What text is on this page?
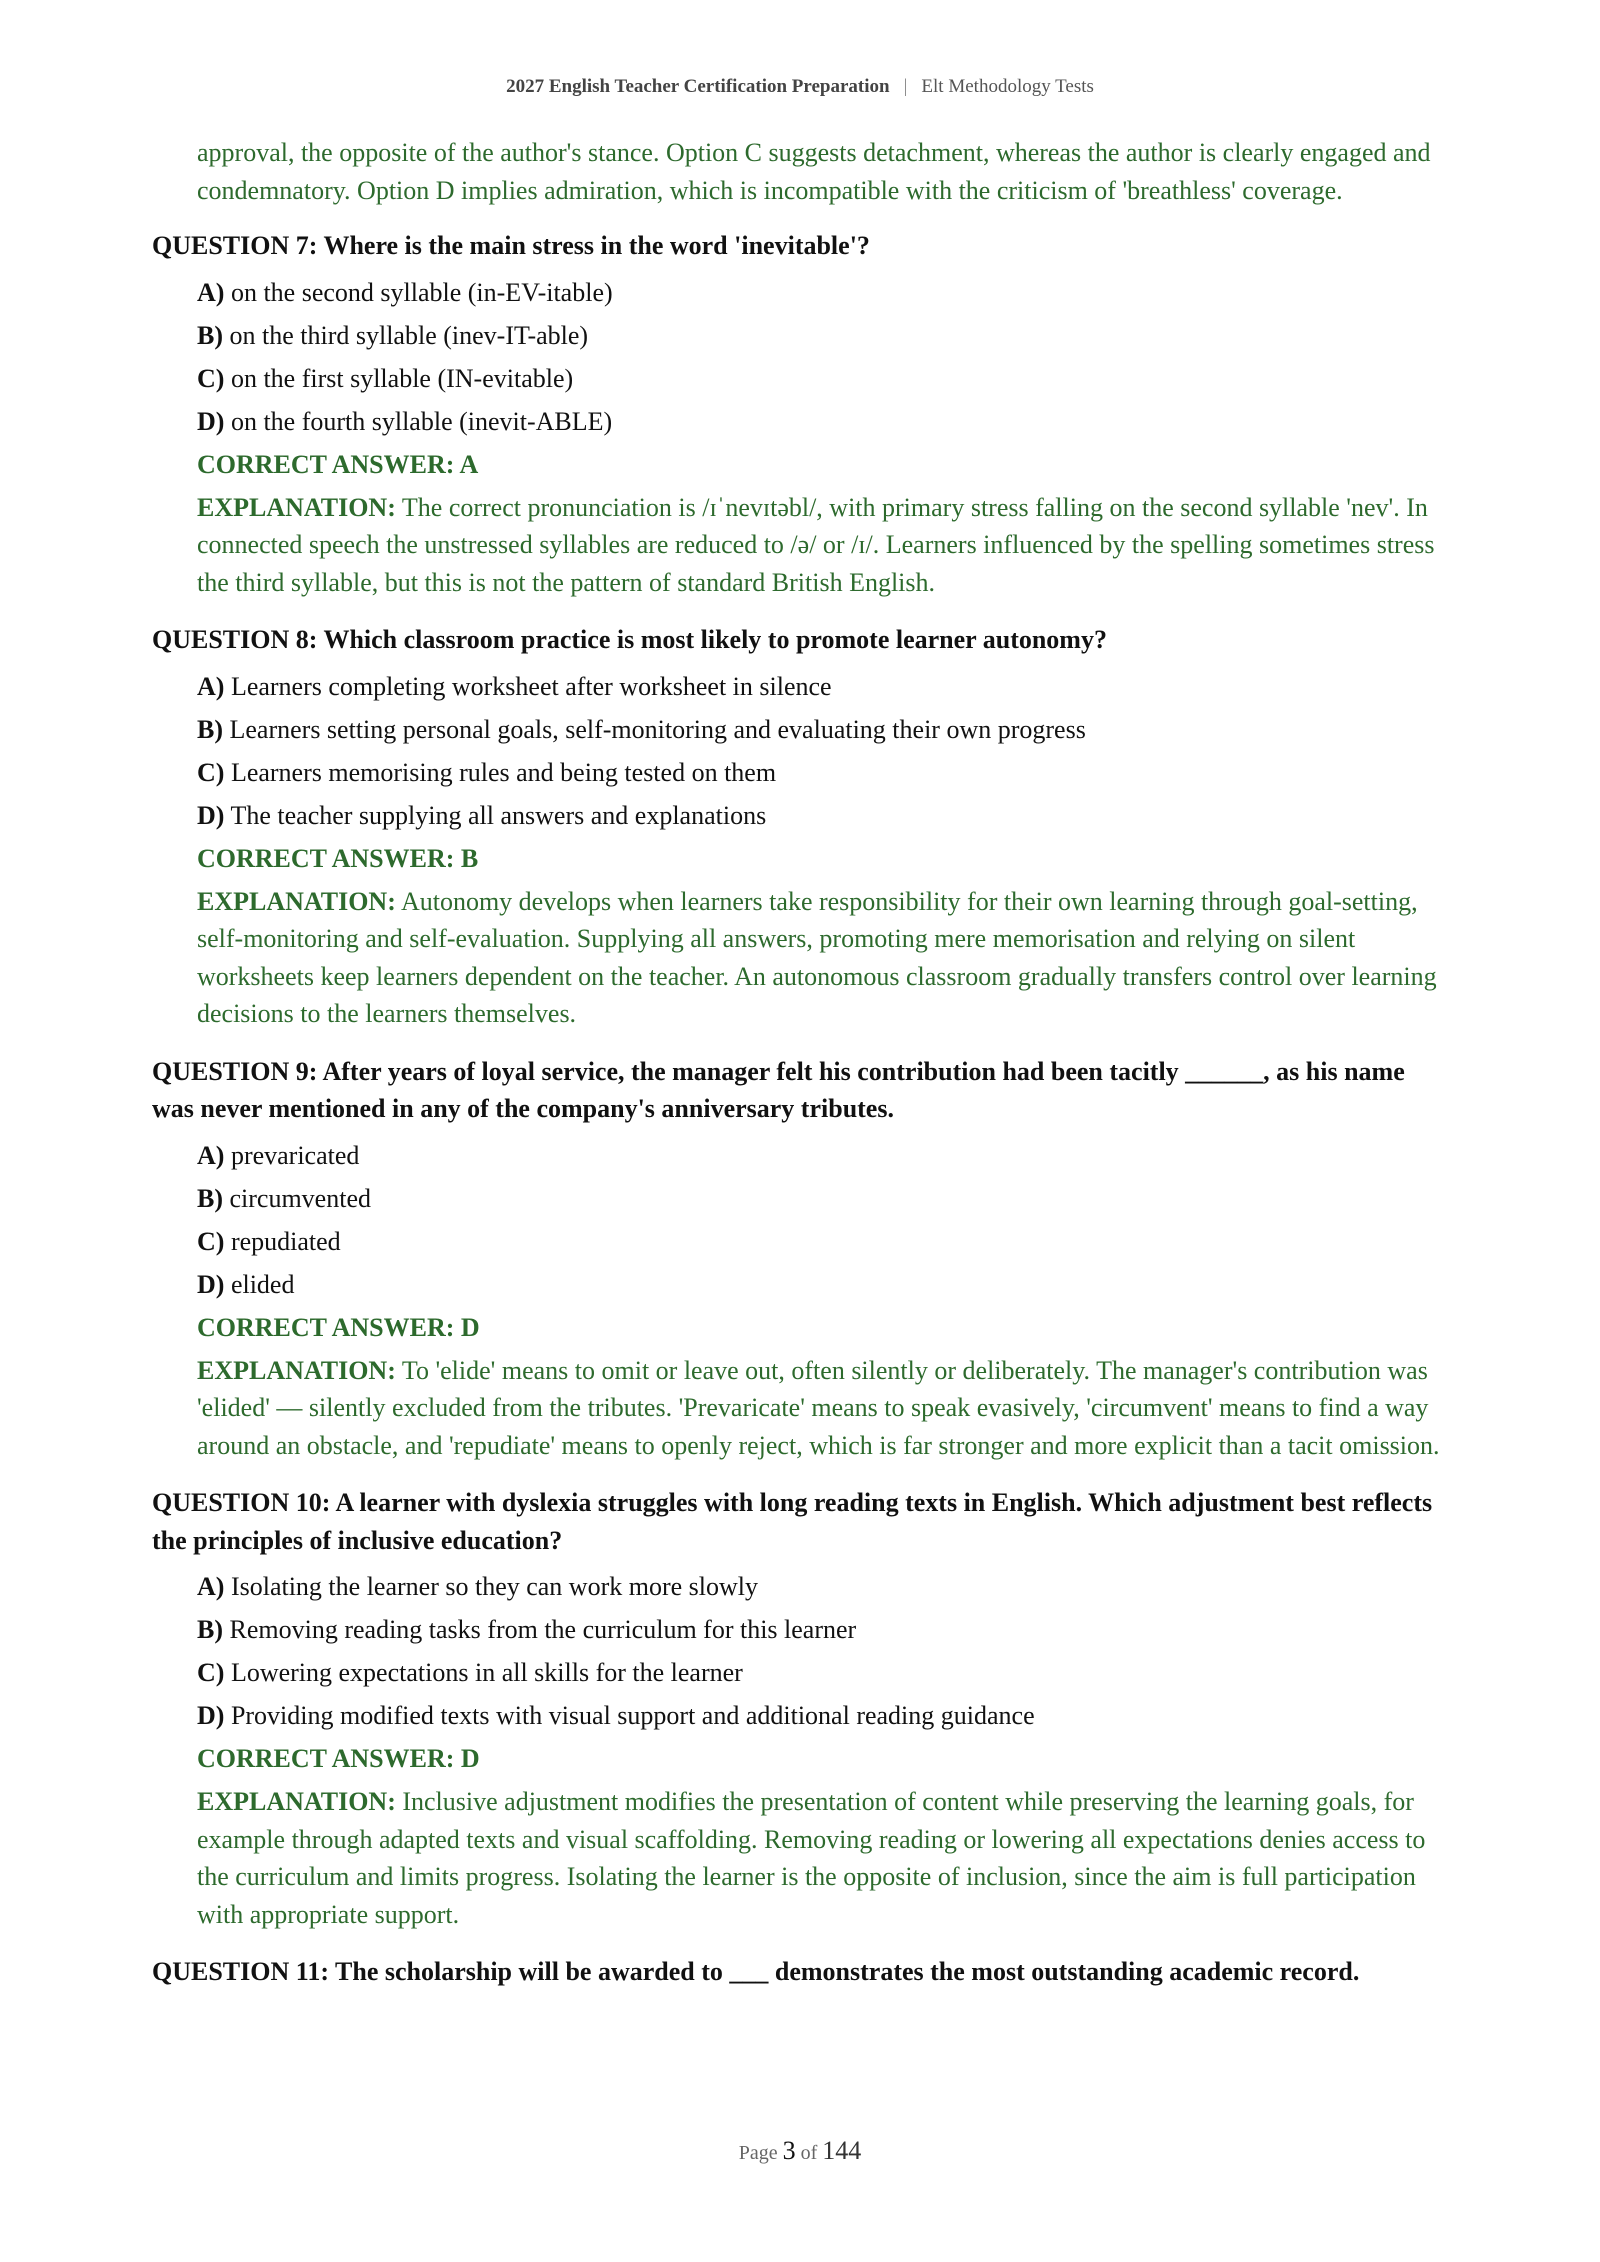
2027 English Teacher Certification Preparation | Elt Methodology Tests
approval, the opposite of the author's stance. Option C suggests detachment, whereas the author is clearly engaged and condemnatory. Option D implies admiration, which is incompatible with the criticism of 'breathless' coverage.
QUESTION 7: Where is the main stress in the word 'inevitable'?
A) on the second syllable (in-EV-itable)
B) on the third syllable (inev-IT-able)
C) on the first syllable (IN-evitable)
D) on the fourth syllable (inevit-ABLE)
CORRECT ANSWER: A
EXPLANATION: The correct pronunciation is /ɪˈnevɪtəbl/, with primary stress falling on the second syllable 'nev'. In connected speech the unstressed syllables are reduced to /ə/ or /ɪ/. Learners influenced by the spelling sometimes stress the third syllable, but this is not the pattern of standard British English.
QUESTION 8: Which classroom practice is most likely to promote learner autonomy?
A) Learners completing worksheet after worksheet in silence
B) Learners setting personal goals, self-monitoring and evaluating their own progress
C) Learners memorising rules and being tested on them
D) The teacher supplying all answers and explanations
CORRECT ANSWER: B
EXPLANATION: Autonomy develops when learners take responsibility for their own learning through goal-setting, self-monitoring and self-evaluation. Supplying all answers, promoting mere memorisation and relying on silent worksheets keep learners dependent on the teacher. An autonomous classroom gradually transfers control over learning decisions to the learners themselves.
QUESTION 9: After years of loyal service, the manager felt his contribution had been tacitly ______, as his name was never mentioned in any of the company's anniversary tributes.
A) prevaricated
B) circumvented
C) repudiated
D) elided
CORRECT ANSWER: D
EXPLANATION: To 'elide' means to omit or leave out, often silently or deliberately. The manager's contribution was 'elided' — silently excluded from the tributes. 'Prevaricate' means to speak evasively, 'circumvent' means to find a way around an obstacle, and 'repudiate' means to openly reject, which is far stronger and more explicit than a tacit omission.
QUESTION 10: A learner with dyslexia struggles with long reading texts in English. Which adjustment best reflects the principles of inclusive education?
A) Isolating the learner so they can work more slowly
B) Removing reading tasks from the curriculum for this learner
C) Lowering expectations in all skills for the learner
D) Providing modified texts with visual support and additional reading guidance
CORRECT ANSWER: D
EXPLANATION: Inclusive adjustment modifies the presentation of content while preserving the learning goals, for example through adapted texts and visual scaffolding. Removing reading or lowering all expectations denies access to the curriculum and limits progress. Isolating the learner is the opposite of inclusion, since the aim is full participation with appropriate support.
QUESTION 11: The scholarship will be awarded to ___ demonstrates the most outstanding academic record.
Page 3 of 144
